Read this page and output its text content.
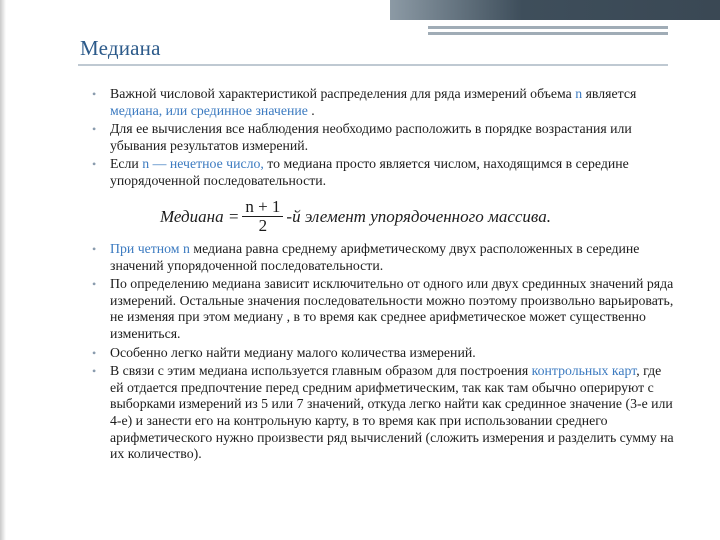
Медиана
• Важной числовой характеристикой распределения для ряда измерений объема n является медиана, или срединное значение .
• Для ее вычисления все наблюдения необходимо расположить в порядке возрастания или убывания результатов измерений.
• Если n — нечетное число, то медиана просто является числом, находящимся в середине упорядоченной последовательности.
Медиана = $\frac{n + 1}{2} -й$ элемент упорядоченного массива.
• При четном n медиана равна среднему арифметическому двух расположенных в середине значений упорядоченной последовательности.
• По определению медиана зависит исключительно от одного или двух срединных значений ряда измерений. Остальные значения последовательности можно поэтому произвольно варьировать, не изменяя при этом медиану , в то время как среднее арифметическое может существенно измениться.
• Особенно легко найти медиану малого количества измерений.
• В связи с этим медиана используется главным образом для построения контрольных карт, где ей отдается предпочтение перед средним арифметическим, так как там обычно оперируют с выборками измерений из 5 или 7 значений, откуда легко найти как срединное значение (3-е или 4-е) и занести его на контрольную карту, в то время как при использовании среднего арифметического нужно произвести ряд вычислений (сложить измерения и разделить сумму на их количество).
